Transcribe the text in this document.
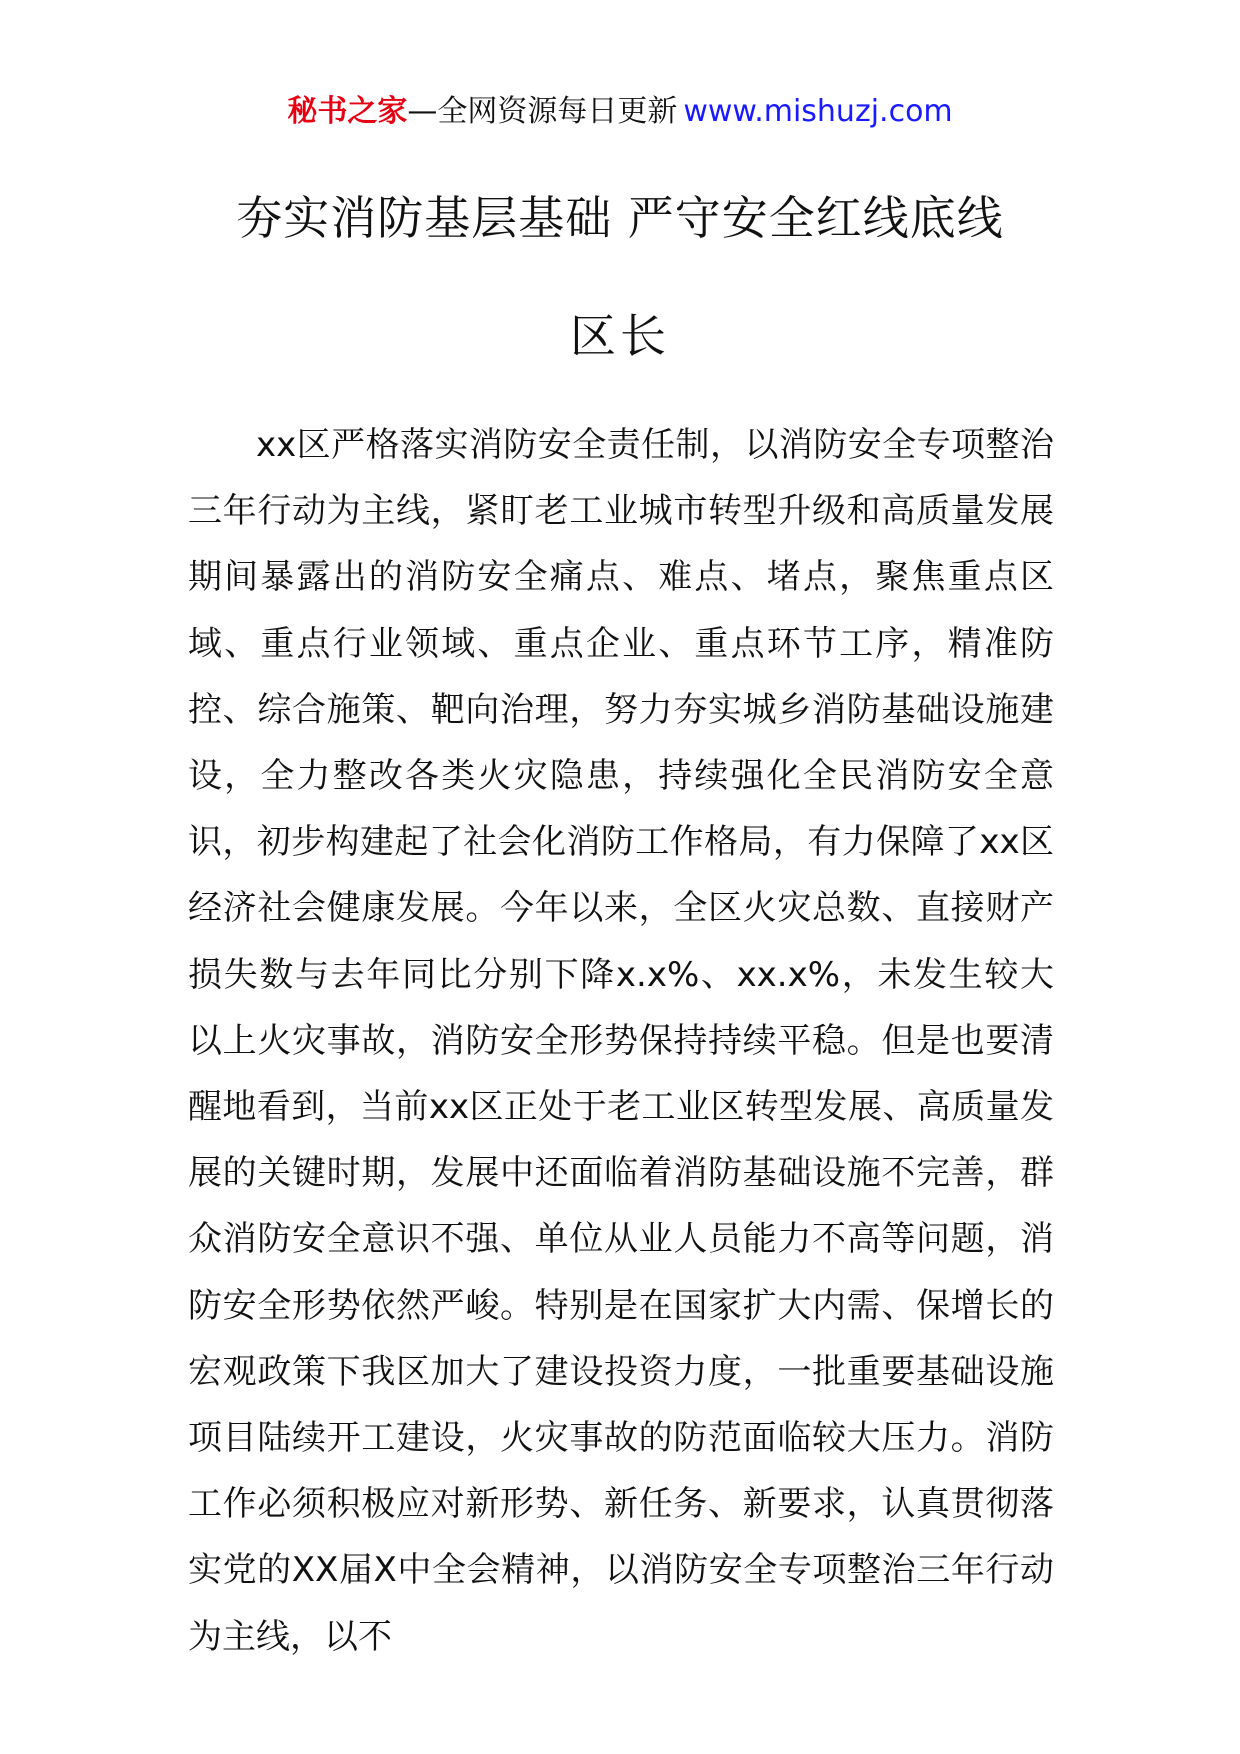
秘书之家—全网资源每日更新 www.mishuzj.com
夯实消防基层基础 严守安全红线底线
区长

xx区严格落实消防安全责任制，以消防安全专项整治三年行动为主线，紧盯老工业城市转型升级和高质量发展期间暴露出的消防安全痛点、难点、堵点，聚焦重点区域、重点行业领域、重点企业、重点环节工序，精准防控、综合施策、靶向治理，努力夯实城乡消防基础设施建设，全力整改各类火灾隐患，持续强化全民消防安全意识，初步构建起了社会化消防工作格局，有力保障了xx区经济社会健康发展。今年以来，全区火灾总数、直接财产损失数与去年同比分别下降x.x%、xx.x%，未发生较大以上火灾事故，消防安全形势保持持续平稳。但是也要清醒地看到，当前xx区正处于老工业区转型发展、高质量发展的关键时期，发展中还面临着消防基础设施不完善，群众消防安全意识不强、单位从业人员能力不高等问题，消防安全形势依然严峻。特别是在国家扩大内需、保增长的宏观政策下我区加大了建设投资力度，一批重要基础设施项目陆续开工建设，火灾事故的防范面临较大压力。消防工作必须积极应对新形势、新任务、新要求，认真贯彻落实党的XX届X中全会精神，以消防安全专项整治三年行动为主线，以不
